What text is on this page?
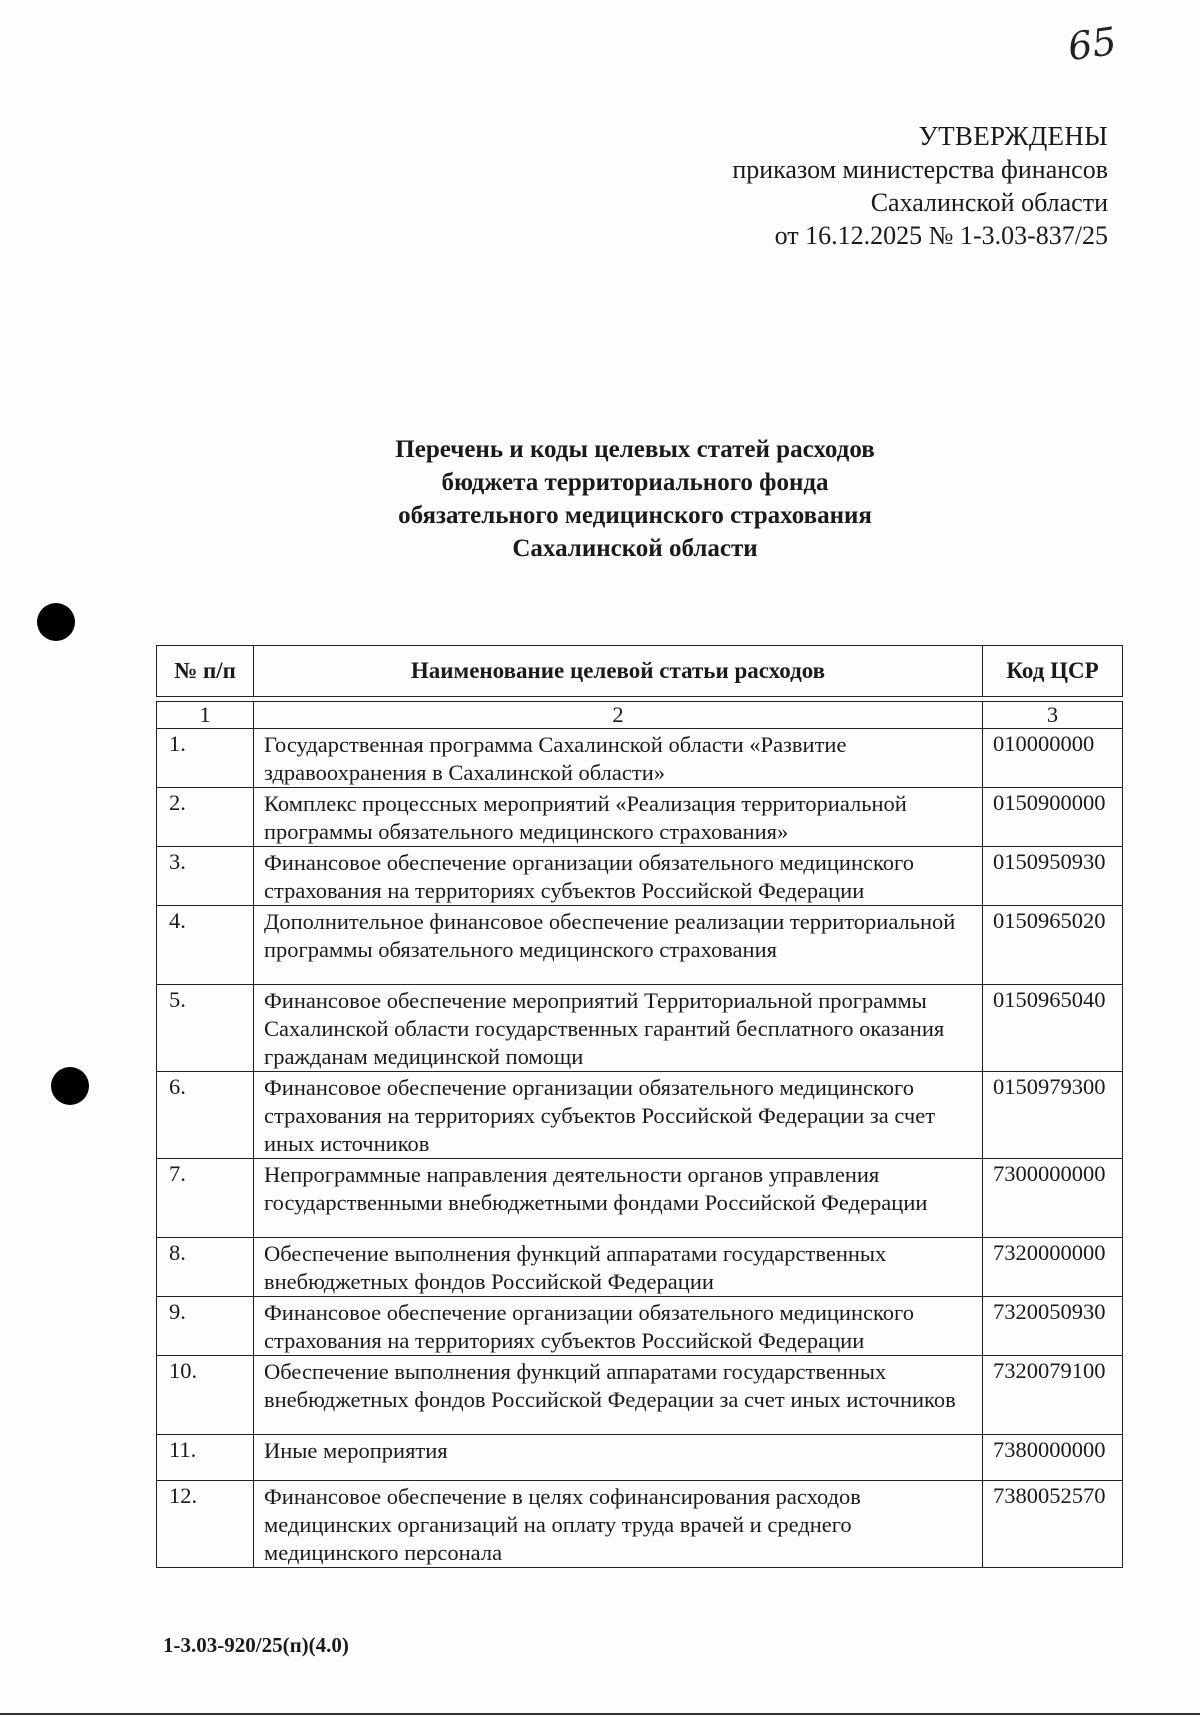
65
УТВЕРЖДЕНЫ
приказом министерства финансов
Сахалинской области
от 16.12.2025 № 1-3.03-837/25
Перечень и коды целевых статей расходов
бюджета территориального фонда
обязательного медицинского страхования
Сахалинской области
№ п/п	Наименование целевой статьи расходов	Код ЦСР

1	2	3
1.	Государственная программа Сахалинской области «Развитие здравоохранения в Сахалинской области»	010000000
2.	Комплекс процессных мероприятий «Реализация территориальной программы обязательного медицинского страхования»	0150900000
3.	Финансовое обеспечение организации обязательного медицинского страхования на территориях субъектов Российской Федерации	0150950930
4.	Дополнительное финансовое обеспечение реализации территориальной программы обязательного медицинского страхования	0150965020
5.	Финансовое обеспечение мероприятий Территориальной программы Сахалинской области государственных гарантий бесплатного оказания гражданам медицинской помощи	0150965040
6.	Финансовое обеспечение организации обязательного медицинского страхования на территориях субъектов Российской Федерации за счет иных источников	0150979300
7.	Непрограммные направления деятельности органов управления государственными внебюджетными фондами Российской Федерации	7300000000
8.	Обеспечение выполнения функций аппаратами государственных внебюджетных фондов Российской Федерации	7320000000
9.	Финансовое обеспечение организации обязательного медицинского страхования на территориях субъектов Российской Федерации	7320050930
10.	Обеспечение выполнения функций аппаратами государственных внебюджетных фондов Российской Федерации за счет иных источников	7320079100
11.	Иные мероприятия	7380000000
12.	Финансовое обеспечение в целях софинансирования расходов медицинских организаций на оплату труда врачей и среднего медицинского персонала	7380052570
1-3.03-920/25(п)(4.0)
